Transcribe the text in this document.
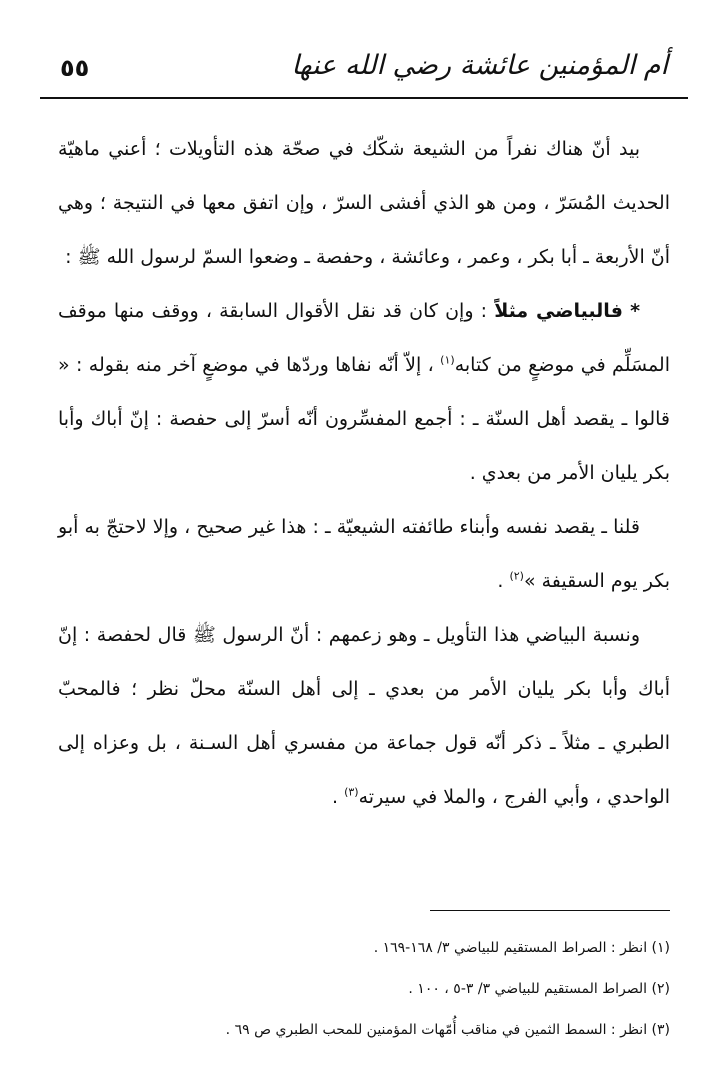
أم المؤمنين عائشة رضي الله عنها
٥٥

بيد أنّ هناك نفراً من الشيعة شكّك في صحّة هذه التأويلات ؛ أعني ماهيّة الحديث المُسَرّ ، ومن هو الذي أفشى السرّ ، وإن اتفق معها في النتيجة ؛ وهي أنّ الأربعة ـ أبا بكر ، وعمر ، وعائشة ، وحفصة ـ وضعوا السمّ لرسول الله ﷺ :

* فالبياضي مثلاً : وإن كان قد نقل الأقوال السابقة ، ووقف منها موقف المسَلِّم في موضعٍ من كتابه$^{(١)}$ ، إلاّ أنّه نفاها وردّها في موضعٍ آخر منه بقوله : « قالوا ـ يقصد أهل السنّة ـ : أجمع المفسِّرون أنّه أسرّ إلى حفصة : إنّ أباك وأبا بكر يليان الأمر من بعدي .

قلنا ـ يقصد نفسه وأبناء طائفته الشيعيّة ـ : هذا غير صحيح ، وإلا لاحتجّ به أبو بكر يوم السقيفة »$^{(٢)}$ .

ونسبة البياضي هذا التأويل ـ وهو زعمهم : أنّ الرسول ﷺ قال لحفصة : إنّ أباك وأبا بكر يليان الأمر من بعدي ـ إلى أهل السنّة محلّ نظر ؛ فالمحبّ الطبري ـ مثلاً ـ ذكر أنّه قول جماعة من مفسري أهل السـنة ، بل وعزاه إلى الواحدي ، وأبي الفرج ، والملا في سيرته$^{(٣)}$ .

(١) انظر : الصراط المستقيم للبياضي ٣/ ١٦٨-١٦٩ .

(٢) الصراط المستقيم للبياضي ٣/ ٣-٥ ، ١٠٠ .

(٣) انظر : السمط الثمين في مناقب أُمّهات المؤمنين للمحب الطبري ص ٦٩ .
